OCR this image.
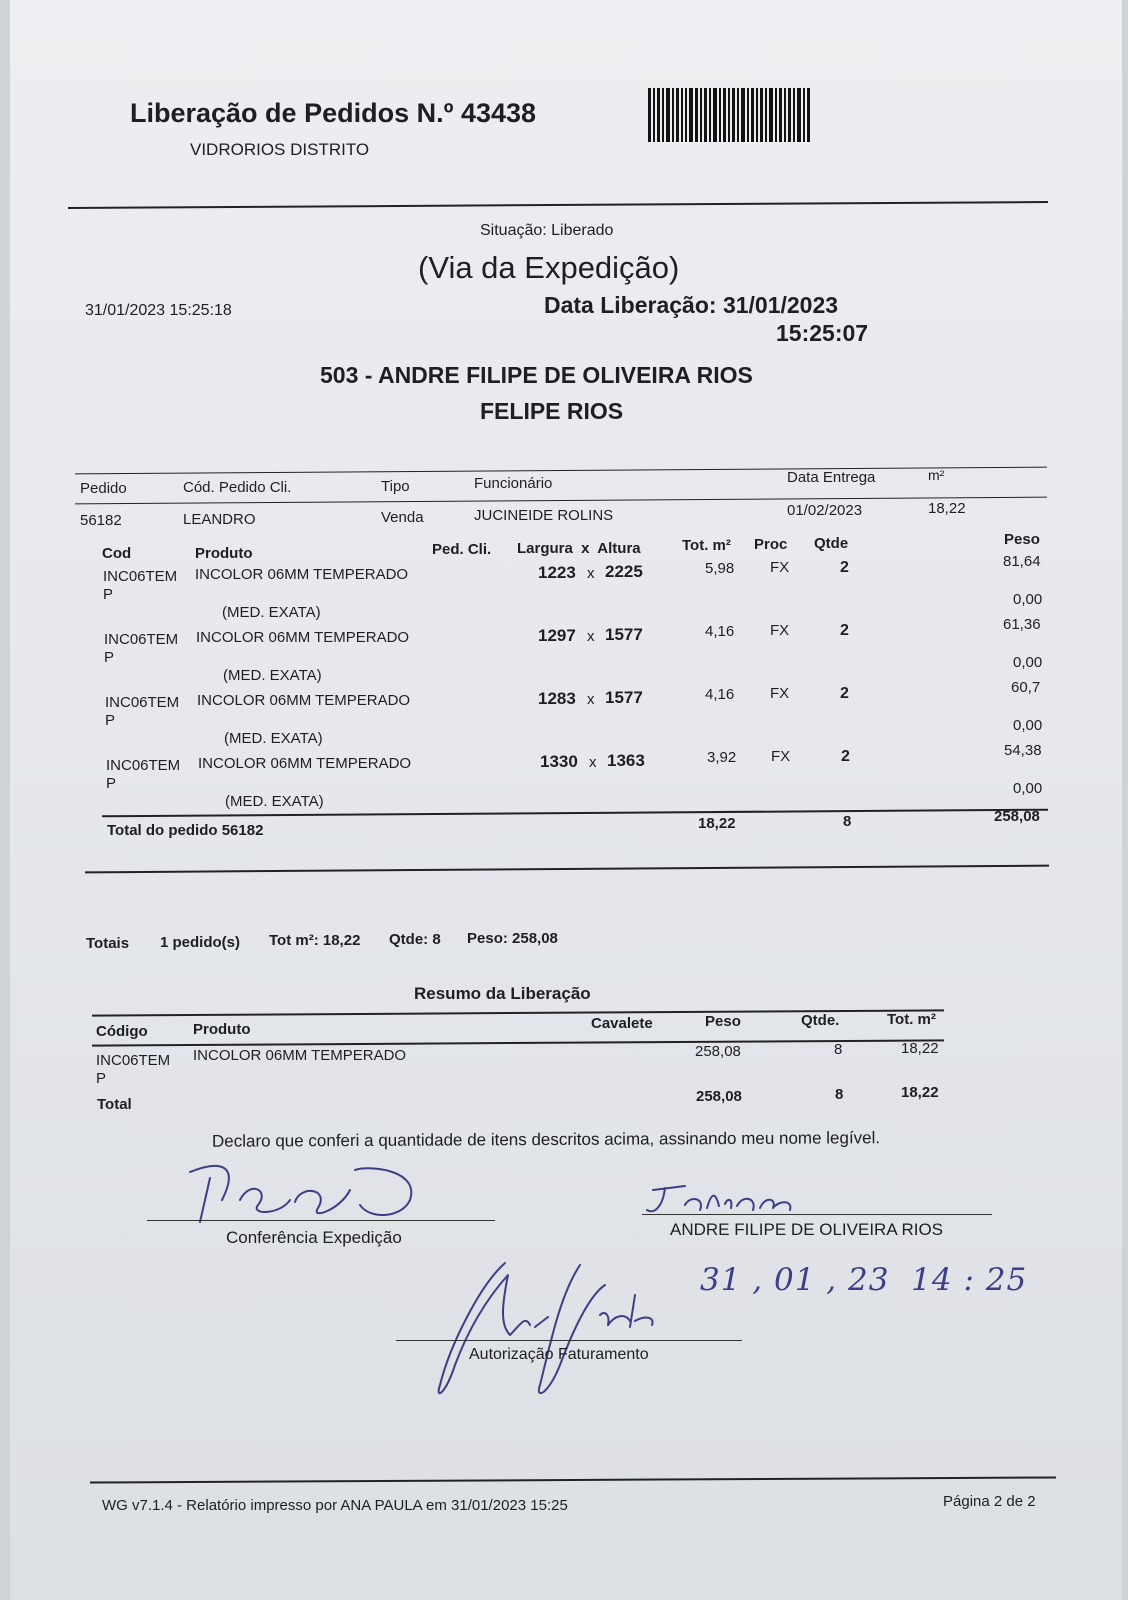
Liberação de Pedidos N.º 43438
VIDRORIOS DISTRITO
Situação: Liberado
(Via da Expedição)
31/01/2023 15:25:18	Data Liberação: 31/01/2023
15:25:07
503 - ANDRE FILIPE DE OLIVEIRA RIOS
FELIPE RIOS
Pedido	Cód. Pedido Cli.	Tipo	Funcionário	Data Entrega	m²
56182	LEANDRO	Venda	JUCINEIDE ROLINS	01/02/2023	18,22
Cod	Produto	Ped. Cli. Largura  x  Altura	Tot. m² Proc Qtde	Peso
INC06TEM
P
INCOLOR 06MM TEMPERADO
(MED. EXATA)
1223 x 2225	5,98 FX	2	81,64
0,00
INC06TEM
P
INCOLOR 06MM TEMPERADO
(MED. EXATA)
1297 x 1577	4,16 FX	2	61,36
0,00
INC06TEM
P
INCOLOR 06MM TEMPERADO
(MED. EXATA)
1283 x 1577	4,16 FX	2	60,7
0,00
INC06TEM
P
INCOLOR 06MM TEMPERADO
(MED. EXATA)
1330 x 1363	3,92 FX	2	54,38
0,00
Total do pedido 56182	18,22	8	258,08
Totais 1 pedido(s) Tot m²: 18,22 Qtde: 8 Peso: 258,08
Resumo da Liberação
Código	Produto	Cavalete	Peso	Qtde.	Tot. m²
INC06TEM
P
INCOLOR 06MM TEMPERADO	258,08	8	18,22
Total	258,08	8	18,22
Declaro que conferi a quantidade de itens descritos acima, assinando meu nome legível.
Conferência Expedição	ANDRE FILIPE DE OLIVEIRA RIOS
31 , 01 , 23  14 : 25
Autorização Faturamento
WG v7.1.4 - Relatório impresso por ANA PAULA em 31/01/2023 15:25	Página 2 de 2
